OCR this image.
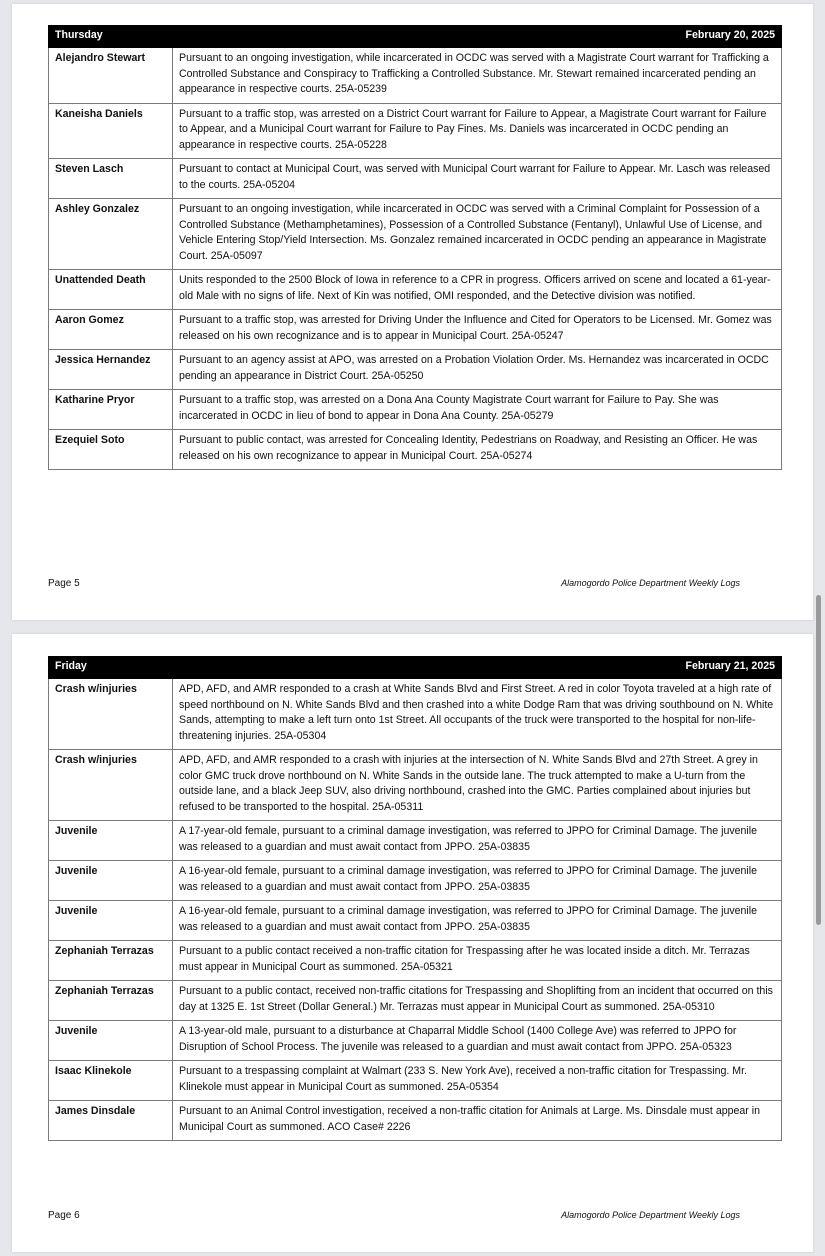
Thursday	February 20, 2025
Alejandro Stewart	Pursuant to an ongoing investigation, while incarcerated in OCDC was served with a Magistrate Court warrant for Trafficking a Controlled Substance and Conspiracy to Trafficking a Controlled Substance. Mr. Stewart remained incarcerated pending an appearance in respective courts. 25A-05239
Kaneisha Daniels	Pursuant to a traffic stop, was arrested on a District Court warrant for Failure to Appear, a Magistrate Court warrant for Failure to Appear, and a Municipal Court warrant for Failure to Pay Fines. Ms. Daniels was incarcerated in OCDC pending an appearance in respective courts. 25A-05228
Steven Lasch	Pursuant to contact at Municipal Court, was served with Municipal Court warrant for Failure to Appear. Mr. Lasch was released to the courts. 25A-05204
Ashley Gonzalez	Pursuant to an ongoing investigation, while incarcerated in OCDC was served with a Criminal Complaint for Possession of a Controlled Substance (Methamphetamines), Possession of a Controlled Substance (Fentanyl), Unlawful Use of License, and Vehicle Entering Stop/Yield Intersection. Ms. Gonzalez remained incarcerated in OCDC pending an appearance in Magistrate Court. 25A-05097
Unattended Death	Units responded to the 2500 Block of Iowa in reference to a CPR in progress. Officers arrived on scene and located a 61-year-old Male with no signs of life. Next of Kin was notified, OMI responded, and the Detective division was notified.
Aaron Gomez	Pursuant to a traffic stop, was arrested for Driving Under the Influence and Cited for Operators to be Licensed. Mr. Gomez was released on his own recognizance and is to appear in Municipal Court. 25A-05247
Jessica Hernandez	Pursuant to an agency assist at APO, was arrested on a Probation Violation Order. Ms. Hernandez was incarcerated in OCDC pending an appearance in District Court. 25A-05250
Katharine Pryor	Pursuant to a traffic stop, was arrested on a Dona Ana County Magistrate Court warrant for Failure to Pay. She was incarcerated in OCDC in lieu of bond to appear in Dona Ana County. 25A-05279
Ezequiel Soto	Pursuant to public contact, was arrested for Concealing Identity, Pedestrians on Roadway, and Resisting an Officer. He was released on his own recognizance to appear in Municipal Court. 25A-05274
Page 5	Alamogordo Police Department Weekly Logs
Friday	February 21, 2025
Crash w/injuries	APD, AFD, and AMR responded to a crash at White Sands Blvd and First Street. A red in color Toyota traveled at a high rate of speed northbound on N. White Sands Blvd and then crashed into a white Dodge Ram that was driving southbound on N. White Sands, attempting to make a left turn onto 1st Street. All occupants of the truck were transported to the hospital for non-life-threatening injuries. 25A-05304
Crash w/injuries	APD, AFD, and AMR responded to a crash with injuries at the intersection of N. White Sands Blvd and 27th Street. A grey in color GMC truck drove northbound on N. White Sands in the outside lane. The truck attempted to make a U-turn from the outside lane, and a black Jeep SUV, also driving northbound, crashed into the GMC. Parties complained about injuries but refused to be transported to the hospital. 25A-05311
Juvenile	A 17-year-old female, pursuant to a criminal damage investigation, was referred to JPPO for Criminal Damage. The juvenile was released to a guardian and must await contact from JPPO. 25A-03835
Juvenile	A 16-year-old female, pursuant to a criminal damage investigation, was referred to JPPO for Criminal Damage. The juvenile was released to a guardian and must await contact from JPPO. 25A-03835
Juvenile	A 16-year-old female, pursuant to a criminal damage investigation, was referred to JPPO for Criminal Damage. The juvenile was released to a guardian and must await contact from JPPO. 25A-03835
Zephaniah Terrazas	Pursuant to a public contact received a non-traffic citation for Trespassing after he was located inside a ditch. Mr. Terrazas must appear in Municipal Court as summoned. 25A-05321
Zephaniah Terrazas	Pursuant to a public contact, received non-traffic citations for Trespassing and Shoplifting from an incident that occurred on this day at 1325 E. 1st Street (Dollar General.) Mr. Terrazas must appear in Municipal Court as summoned. 25A-05310
Juvenile	A 13-year-old male, pursuant to a disturbance at Chaparral Middle School (1400 College Ave) was referred to JPPO for Disruption of School Process. The juvenile was released to a guardian and must await contact from JPPO. 25A-05323
Isaac Klinekole	Pursuant to a trespassing complaint at Walmart (233 S. New York Ave), received a non-traffic citation for Trespassing. Mr. Klinekole must appear in Municipal Court as summoned. 25A-05354
James Dinsdale	Pursuant to an Animal Control investigation, received a non-traffic citation for Animals at Large. Ms. Dinsdale must appear in Municipal Court as summoned. ACO Case# 2226
Page 6	Alamogordo Police Department Weekly Logs
